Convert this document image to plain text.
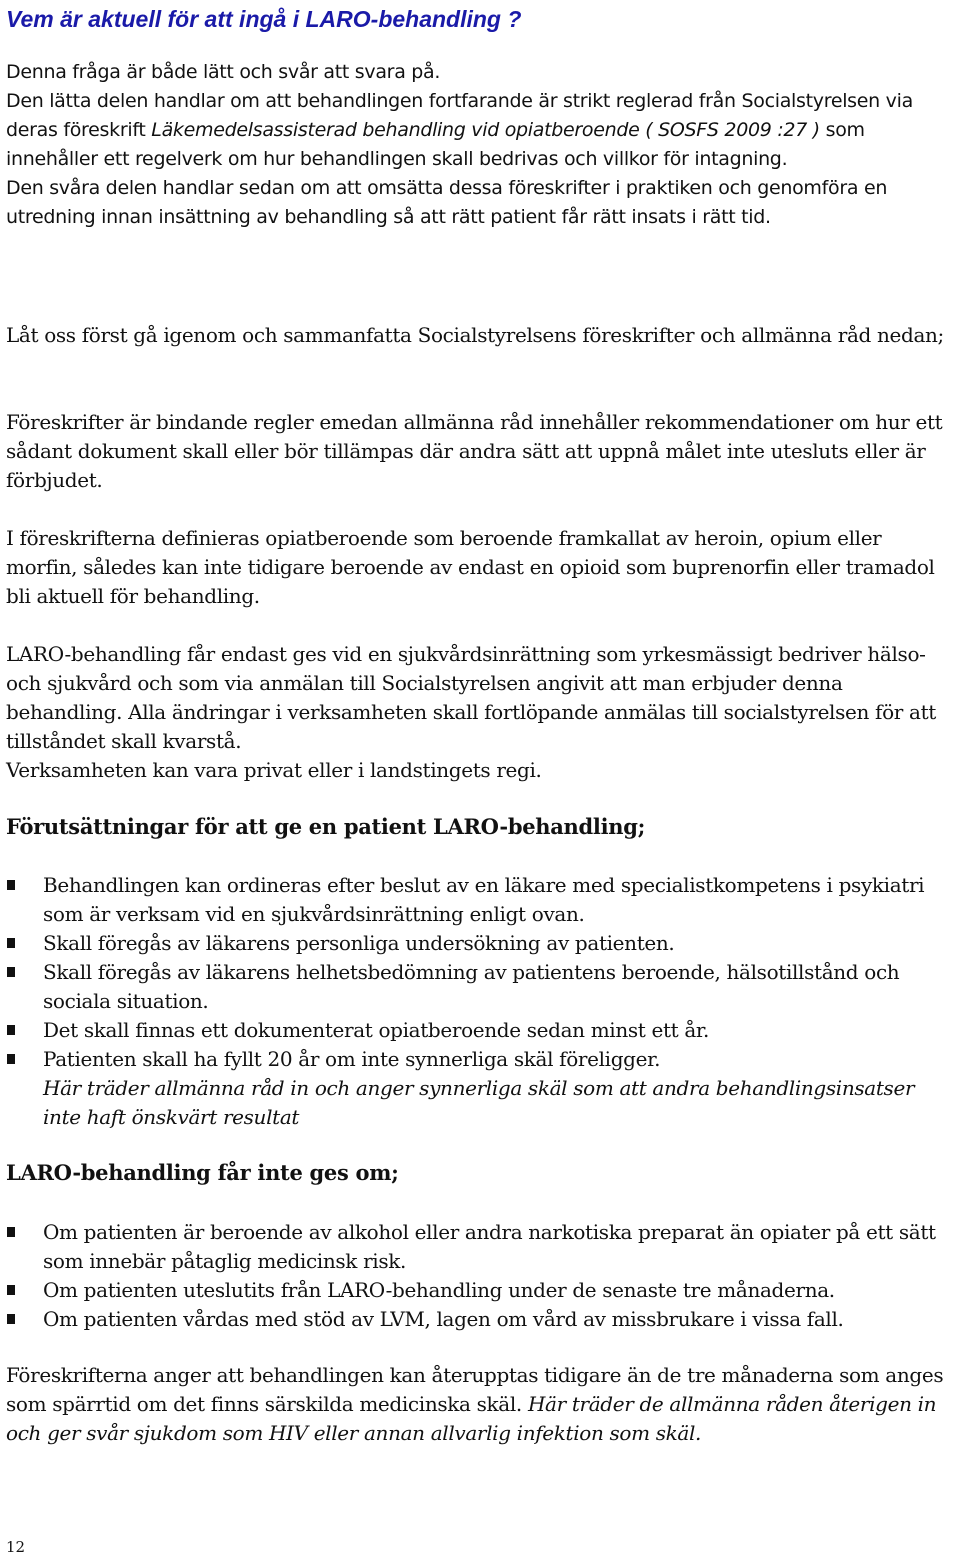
Vem är aktuell för att ingå i LARO-behandling ?
Denna fråga är både lätt och svår att svara på.
Den lätta delen handlar om att behandlingen fortfarande är strikt reglerad från Socialstyrelsen via deras föreskrift Läkemedelsassisterad behandling vid opiatberoende ( SOSFS 2009 :27 ) som innehåller ett regelverk om hur behandlingen skall bedrivas och villkor för intagning.
Den svåra delen handlar sedan om att omsätta dessa föreskrifter i praktiken och genomföra en utredning innan insättning av behandling så att rätt patient får rätt insats i rätt tid.
Låt oss först gå igenom och sammanfatta Socialstyrelsens föreskrifter och allmänna råd nedan;
Föreskrifter är bindande regler emedan allmänna råd innehåller rekommendationer om hur ett sådant dokument skall eller bör tillämpas där andra sätt att uppnå målet inte utesluts eller är förbjudet.
I föreskrifterna definieras opiatberoende som beroende framkallat av heroin, opium eller morfin, således kan inte tidigare beroende av endast en opioid som buprenorfin eller tramadol bli aktuell för behandling.
LARO-behandling får endast ges vid en sjukvårdsinrättning som yrkesmässigt bedriver hälso- och sjukvård och som via anmälan till Socialstyrelsen angivit att man erbjuder denna behandling. Alla ändringar i verksamheten skall fortlöpande anmälas till socialstyrelsen för att tillståndet skall kvarstå.
Verksamheten kan vara privat eller i landstingets regi.
Förutsättningar för att ge en patient LARO-behandling;
Behandlingen kan ordineras efter beslut av en läkare med specialistkompetens i psykiatri som är verksam vid en sjukvårdsinrättning enligt ovan.
Skall föregås av läkarens personliga undersökning av patienten.
Skall föregås av läkarens helhetsbedömning av patientens beroende, hälsotillstånd och sociala situation.
Det skall finnas ett dokumenterat opiatberoende sedan minst ett år.
Patienten skall ha fyllt 20 år om inte synnerliga skäl föreligger.
Här träder allmänna råd in och anger synnerliga skäl som att andra behandlingsinsatser inte haft önskvärt resultat
LARO-behandling får inte ges om;
Om patienten är beroende av alkohol eller andra narkotiska preparat än opiater på ett sätt som innebär påtaglig medicinsk risk.
Om patienten uteslutits från LARO-behandling under de senaste tre månaderna.
Om patienten vårdas med stöd av LVM, lagen om vård av missbrukare i vissa fall.
Föreskrifterna anger att behandlingen kan återupptas tidigare än de tre månaderna som anges som spärrtid om det finns särskilda medicinska skäl. Här träder de allmänna råden återigen in och ger svår sjukdom som HIV eller annan allvarlig infektion som skäl.
12
